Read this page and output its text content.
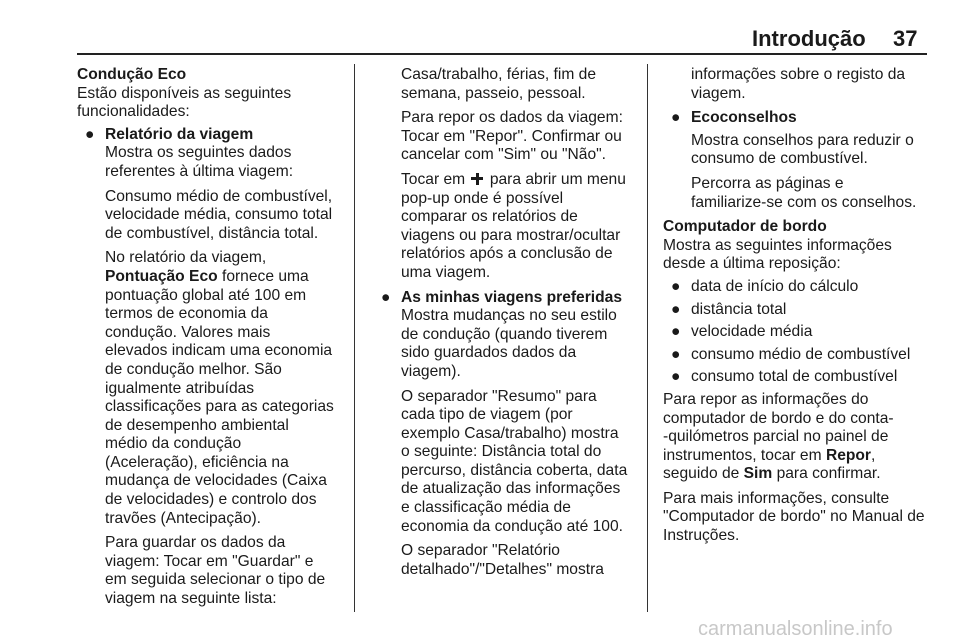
Introdução 37
Condução Eco
Estão disponíveis as seguintes
funcionalidades:
● Relatório da viagem
Mostra os seguintes dados
referentes à última viagem:
Consumo médio de combustível,
velocidade média, consumo total
de combustível, distância total.
No relatório da viagem,
Pontuação Eco fornece uma
pontuação global até 100 em
termos de economia da
condução. Valores mais
elevados indicam uma economia
de condução melhor. São
igualmente atribuídas
classificações para as categorias
de desempenho ambiental
médio da condução
(Aceleração), eficiência na
mudança de velocidades (Caixa
de velocidades) e controlo dos
travões (Antecipação).
Para guardar os dados da
viagem: Tocar em "Guardar" e
em seguida selecionar o tipo de
viagem na seguinte lista:
Casa/trabalho, férias, fim de
semana, passeio, pessoal.
Para repor os dados da viagem:
Tocar em "Repor". Confirmar ou
cancelar com "Sim" ou "Não".
Tocar em para abrir um menu
pop-up onde é possível
comparar os relatórios de
viagens ou para mostrar/ocultar
relatórios após a conclusão de
uma viagem.
● As minhas viagens preferidas
Mostra mudanças no seu estilo
de condução (quando tiverem
sido guardados dados da
viagem).
O separador "Resumo" para
cada tipo de viagem (por
exemplo Casa/trabalho) mostra
o seguinte: Distância total do
percurso, distância coberta, data
de atualização das informações
e classificação média de
economia da condução até 100.
O separador "Relatório
detalhado"/"Detalhes" mostra
informações sobre o registo da
viagem.
● Ecoconselhos
Mostra conselhos para reduzir o
consumo de combustível.
Percorra as páginas e
familiarize-se com os conselhos.
Computador de bordo
Mostra as seguintes informações
desde a última reposição:
● data de início do cálculo
● distância total
● velocidade média
● consumo médio de combustível
● consumo total de combustível
Para repor as informações do
computador de bordo e do conta-
-quilómetros parcial no painel de
instrumentos, tocar em Repor,
seguido de Sim para confirmar.
Para mais informações, consulte
"Computador de bordo" no Manual de
Instruções.
carmanualsonline.info
